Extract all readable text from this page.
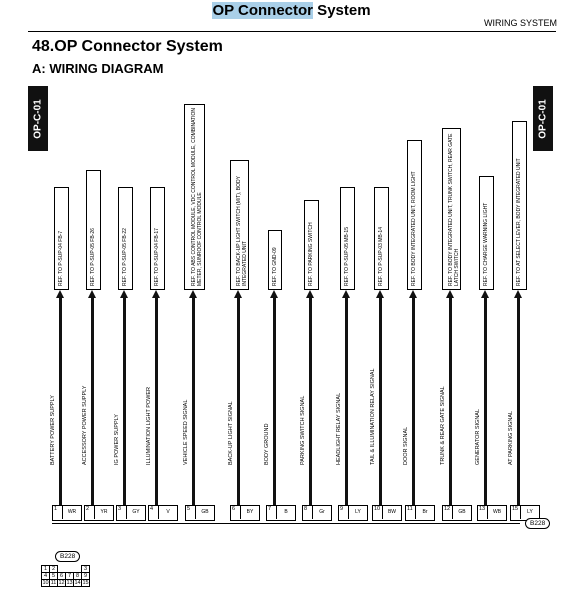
OP Connector System
WIRING SYSTEM
48.OP Connector System
A: WIRING DIAGRAM
OP-C-01	OP-C-01
REF. TO P-SUP-04 FB-7
BATTERY POWER SUPPLY
1	WR
REF. TO P-SUP-05 FB-26
ACCESSORY POWER SUPPLY
2	YR
REF. TO P-SUP-05 FB-22
IG POWER SUPPLY
3	GY
REF. TO P-SUP-04 FB-17
ILLUMINATION LIGHT POWER
4	V
REF. TO ABS CONTROL MODULE, VDC CONTROL MODULE, COMBINATION METER, SUNROOF CONTROL MODULE
VEHICLE SPEED SIGNAL
5	GB
REF. TO BACK-UP LIGHT SWITCH (M/T), BODY INTEGRATED UNIT
BACK-UP LIGHT SIGNAL
6	BY
REF. TO GND-09
BODY GROUND
7	B
REF. TO PARKING SWITCH
PARKING SWITCH SIGNAL
8	Gr
REF. TO P-SUP-05 MB-15
HEADLIGHT RELAY SIGNAL
9	LY
REF. TO P-SUP-03 MB-14
TAIL & ILLUMINATION RELAY SIGNAL
10	BW
REF. TO BODY INTEGRATED UNIT, ROOM LIGHT
DOOR SIGNAL
11	Br
REF. TO BODY INTEGRATED UNIT, TRUNK SWITCH, REAR GATE LATCH SWITCH
TRUNK & REAR GATE SIGNAL
12	GB
REF. TO CHARGE WARNING LIGHT
GENERATOR SIGNAL
13	WB
REF. TO AT SELECT LEVER, BODY INTEGRATED UNIT
AT PARKING SIGNAL
15	LY
B228
B228
1	2				3
4	5	6	7	8	9
10	11	12	13	14	15
